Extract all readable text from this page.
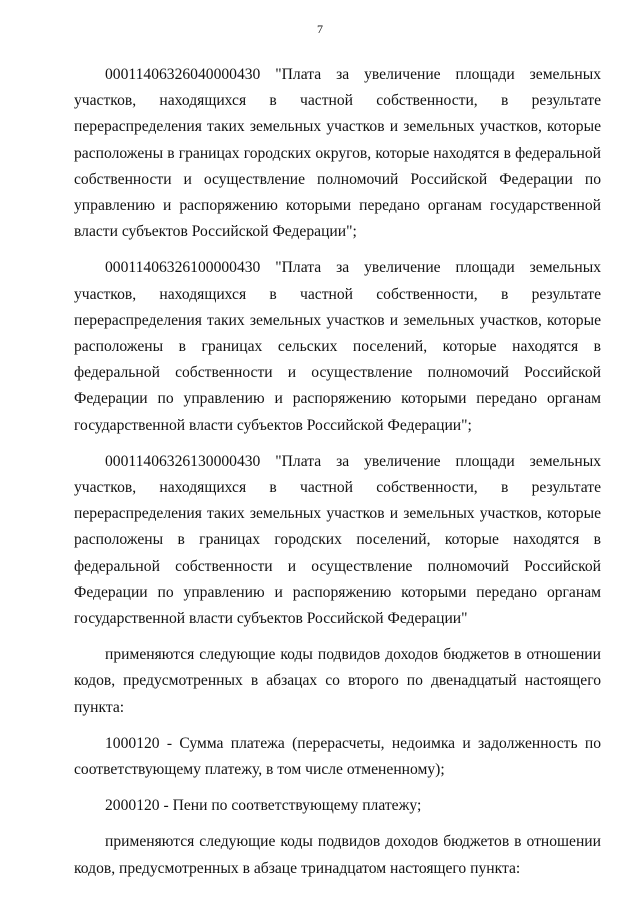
7

00011406326040000430 "Плата за увеличение площади земельных участков, находящихся в частной собственности, в результате перераспределения таких земельных участков и земельных участков, которые расположены в границах городских округов, которые находятся в федеральной собственности и осуществление полномочий Российской Федерации по управлению и распоряжению которыми передано органам государственной власти субъектов Российской Федерации";

00011406326100000430 "Плата за увеличение площади земельных участков, находящихся в частной собственности, в результате перераспределения таких земельных участков и земельных участков, которые расположены в границах сельских поселений, которые находятся в федеральной собственности и осуществление полномочий Российской Федерации по управлению и распоряжению которыми передано органам государственной власти субъектов Российской Федерации";

00011406326130000430 "Плата за увеличение площади земельных участков, находящихся в частной собственности, в результате перераспределения таких земельных участков и земельных участков, которые расположены в границах городских поселений, которые находятся в федеральной собственности и осуществление полномочий Российской Федерации по управлению и распоряжению которыми передано органам государственной власти субъектов Российской Федерации"

применяются следующие коды подвидов доходов бюджетов в отношении кодов, предусмотренных в абзацах со второго по двенадцатый настоящего пункта:

1000120 - Сумма платежа (перерасчеты, недоимка и задолженность по соответствующему платежу, в том числе отмененному);

2000120 - Пени по соответствующему платежу;

применяются следующие коды подвидов доходов бюджетов в отношении кодов, предусмотренных в абзаце тринадцатом настоящего пункта:
